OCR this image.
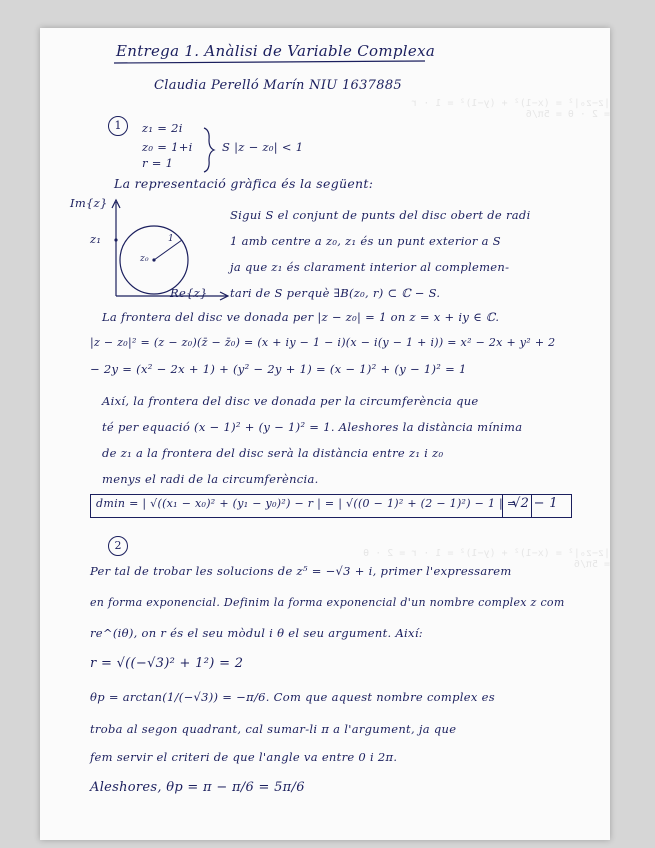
|z−z₀|² = (x−1)² + (y−1)² = 1 · r = 2 · θ = 5π/6
|z−z₀|² = (x−1)² + (y−1)² = 1 · r = 2 · θ = 5π/6
Entrega 1. Anàlisi de Variable Complexa
Claudia Perelló Marín NIU 1637885
1	z₁ = 2i
z₀ = 1+i
r = 1
S |z − z₀| < 1
La representació gràfica és la següent:
Im{z}
Re{z}
z₁
z₀
1
Sigui S el conjunt de punts del disc obert de radi
1 amb centre a z₀, z₁ és un punt exterior a S
ja que z₁ és clarament interior al complemen-
tari de S perquè ∃B(z₀, r) ⊂ ℂ − S.
La frontera del disc ve donada per |z − z₀| = 1 on z = x + iy ∈ ℂ.
|z − z₀|² = (z − z₀)(z̄ − z̄₀) = (x + iy − 1 − i)(x − i(y − 1 + i)) = x² − 2x + y² + 2
− 2y = (x² − 2x + 1) + (y² − 2y + 1) = (x − 1)² + (y − 1)² = 1
Així, la frontera del disc ve donada per la circumferència que
té per equació (x − 1)² + (y − 1)² = 1. Aleshores la distància mínima
de z₁ a la frontera del disc serà la distància entre z₁ i z₀
menys el radi de la circumferència.
dmin = | √((x₁ − x₀)² + (y₁ − y₀)²) − r | = | √((0 − 1)² + (2 − 1)²) − 1 | =
√2 − 1
2
Per tal de trobar les solucions de z⁵ = −√3 + i, primer l'expressarem
en forma exponencial. Definim la forma exponencial d'un nombre complex z com
re^(iθ), on r és el seu mòdul i θ el seu argument. Així:
r = √((−√3)² + 1²) = 2
θp = arctan(1/(−√3)) = −π/6. Com que aquest nombre complex es
troba al segon quadrant, cal sumar-li π a l'argument, ja que
fem servir el criteri de que l'angle va entre 0 i 2π.
Aleshores, θp = π − π/6 = 5π/6
